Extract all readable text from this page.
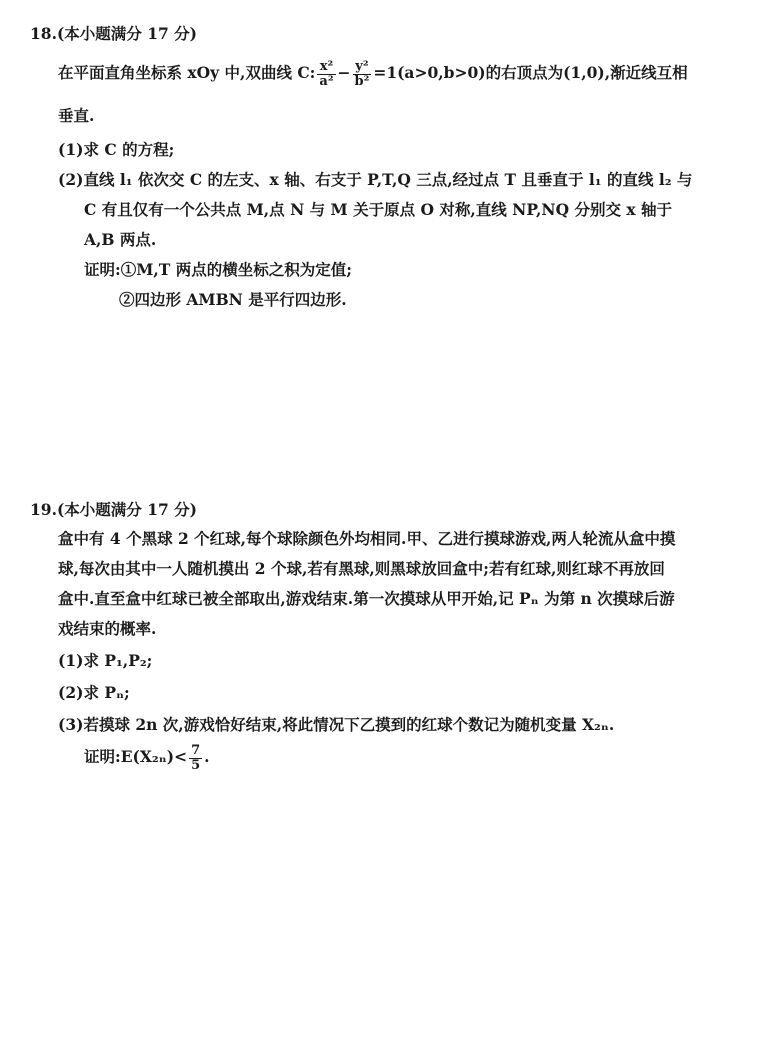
18.(本小题满分 17 分)
在平面直角坐标系 xOy 中,双曲线 C: $\frac{\text{x²}}{\text{a²}} - \frac{\text{y²}}{\text{b²}} =1(a>0,b>0)$的右顶点为(1,0),渐近线互相
垂直.
(1)求 C 的方程;
(2)直线 l₁ 依次交 C 的左支、x 轴、右支于 P,T,Q 三点,经过点 T 且垂直于 l₁ 的直线 l₂ 与
C 有且仅有一个公共点 M,点 N 与 M 关于原点 O 对称,直线 NP,NQ 分别交 x 轴于
A,B 两点.
证明:①M,T 两点的横坐标之积为定值;
②四边形 AMBN 是平行四边形.
19.(本小题满分 17 分)
盒中有 4 个黑球 2 个红球,每个球除颜色外均相同.甲、乙进行摸球游戏,两人轮流从盒中摸
球,每次由其中一人随机摸出 2 个球,若有黑球,则黑球放回盒中;若有红球,则红球不再放回
盒中.直至盒中红球已被全部取出,游戏结束.第一次摸球从甲开始,记 Pₙ 为第 n 次摸球后游
戏结束的概率.
(1)求 P₁,P₂;
(2)求 Pₙ;
(3)若摸球 2n 次,游戏恰好结束,将此情况下乙摸到的红球个数记为随机变量 X₂ₙ.
证明:E(X₂ₙ)< $\frac{7}{5}$ .
